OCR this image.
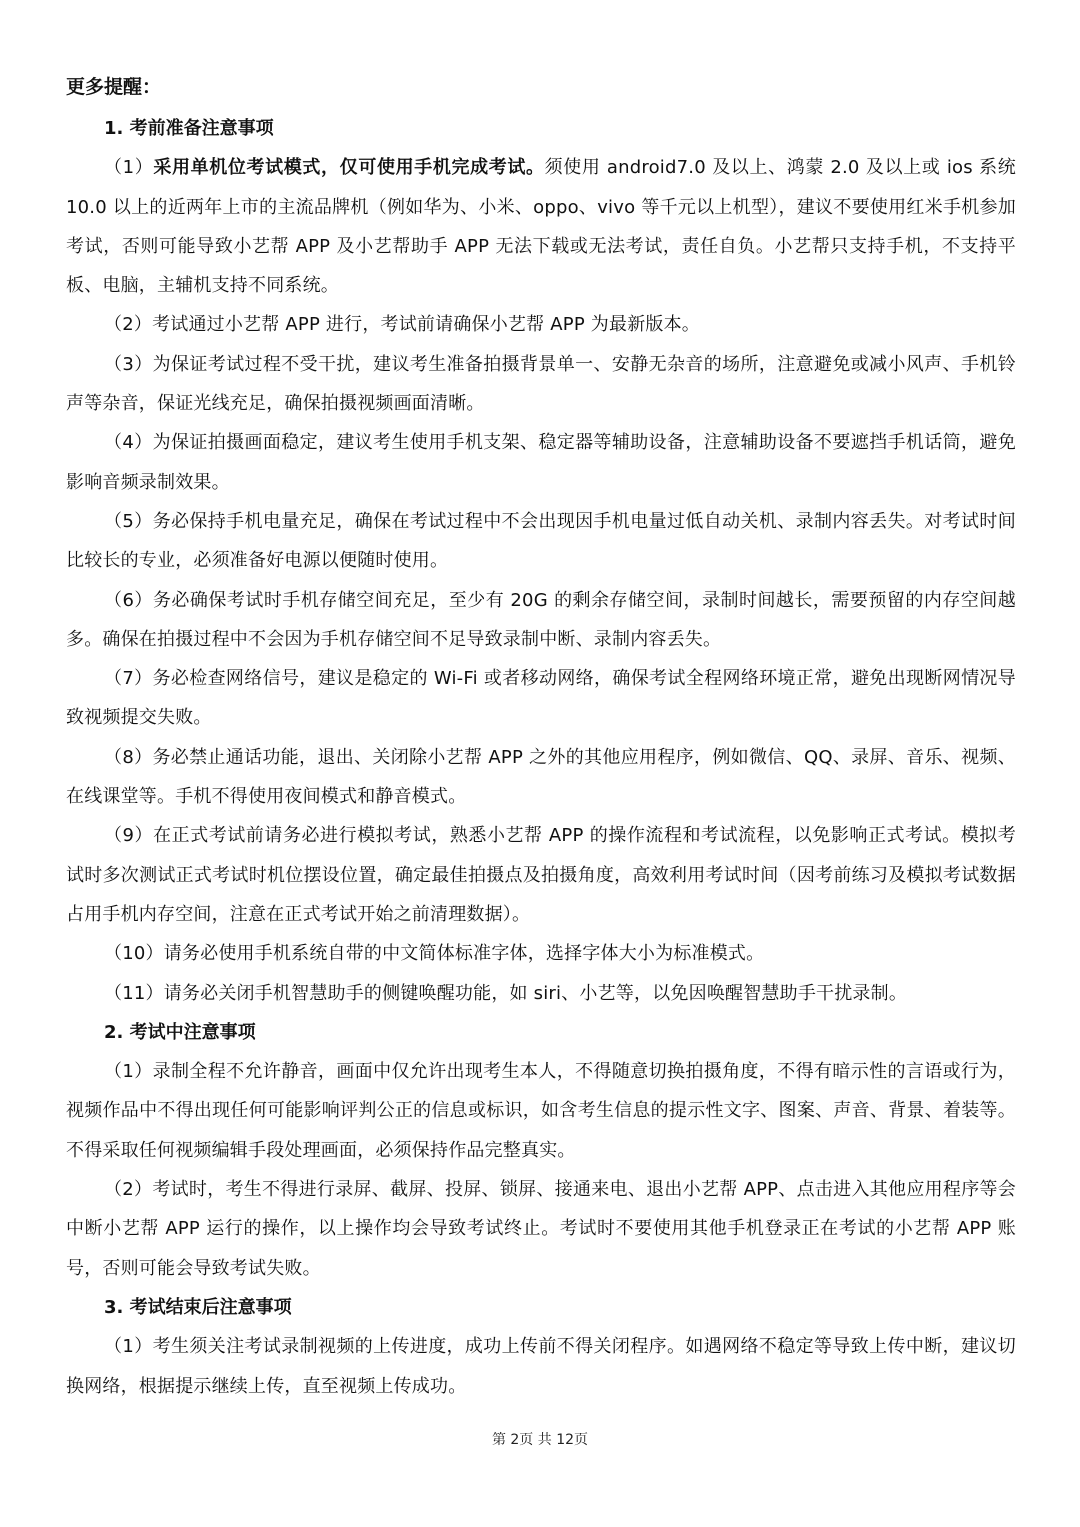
更多提醒：

1. 考前准备注意事项

（1）采用单机位考试模式，仅可使用手机完成考试。须使用 android7.0 及以上、鸿蒙 2.0 及以上或 ios 系统 10.0 以上的近两年上市的主流品牌机（例如华为、小米、oppo、vivo 等千元以上机型），建议不要使用红米手机参加考试，否则可能导致小艺帮 APP 及小艺帮助手 APP 无法下载或无法考试，责任自负。小艺帮只支持手机，不支持平板、电脑，主辅机支持不同系统。

（2）考试通过小艺帮 APP 进行，考试前请确保小艺帮 APP 为最新版本。

（3）为保证考试过程不受干扰，建议考生准备拍摄背景单一、安静无杂音的场所，注意避免或减小风声、手机铃声等杂音，保证光线充足，确保拍摄视频画面清晰。

（4）为保证拍摄画面稳定，建议考生使用手机支架、稳定器等辅助设备，注意辅助设备不要遮挡手机话筒，避免影响音频录制效果。

（5）务必保持手机电量充足，确保在考试过程中不会出现因手机电量过低自动关机、录制内容丢失。对考试时间比较长的专业，必须准备好电源以便随时使用。

（6）务必确保考试时手机存储空间充足，至少有 20G 的剩余存储空间，录制时间越长，需要预留的内存空间越多。确保在拍摄过程中不会因为手机存储空间不足导致录制中断、录制内容丢失。

（7）务必检查网络信号，建议是稳定的 Wi-Fi 或者移动网络，确保考试全程网络环境正常，避免出现断网情况导致视频提交失败。

（8）务必禁止通话功能，退出、关闭除小艺帮 APP 之外的其他应用程序，例如微信、QQ、录屏、音乐、视频、在线课堂等。手机不得使用夜间模式和静音模式。

（9）在正式考试前请务必进行模拟考试，熟悉小艺帮 APP 的操作流程和考试流程，以免影响正式考试。模拟考试时多次测试正式考试时机位摆设位置，确定最佳拍摄点及拍摄角度，高效利用考试时间（因考前练习及模拟考试数据占用手机内存空间，注意在正式考试开始之前清理数据）。

（10）请务必使用手机系统自带的中文简体标准字体，选择字体大小为标准模式。

（11）请务必关闭手机智慧助手的侧键唤醒功能，如 siri、小艺等，以免因唤醒智慧助手干扰录制。

2. 考试中注意事项

（1）录制全程不允许静音，画面中仅允许出现考生本人，不得随意切换拍摄角度，不得有暗示性的言语或行为，视频作品中不得出现任何可能影响评判公正的信息或标识，如含考生信息的提示性文字、图案、声音、背景、着装等。不得采取任何视频编辑手段处理画面，必须保持作品完整真实。

（2）考试时，考生不得进行录屏、截屏、投屏、锁屏、接通来电、退出小艺帮 APP、点击进入其他应用程序等会中断小艺帮 APP 运行的操作，以上操作均会导致考试终止。考试时不要使用其他手机登录正在考试的小艺帮 APP 账号，否则可能会导致考试失败。

3. 考试结束后注意事项

（1）考生须关注考试录制视频的上传进度，成功上传前不得关闭程序。如遇网络不稳定等导致上传中断，建议切换网络，根据提示继续上传，直至视频上传成功。

第 2页 共 12页
